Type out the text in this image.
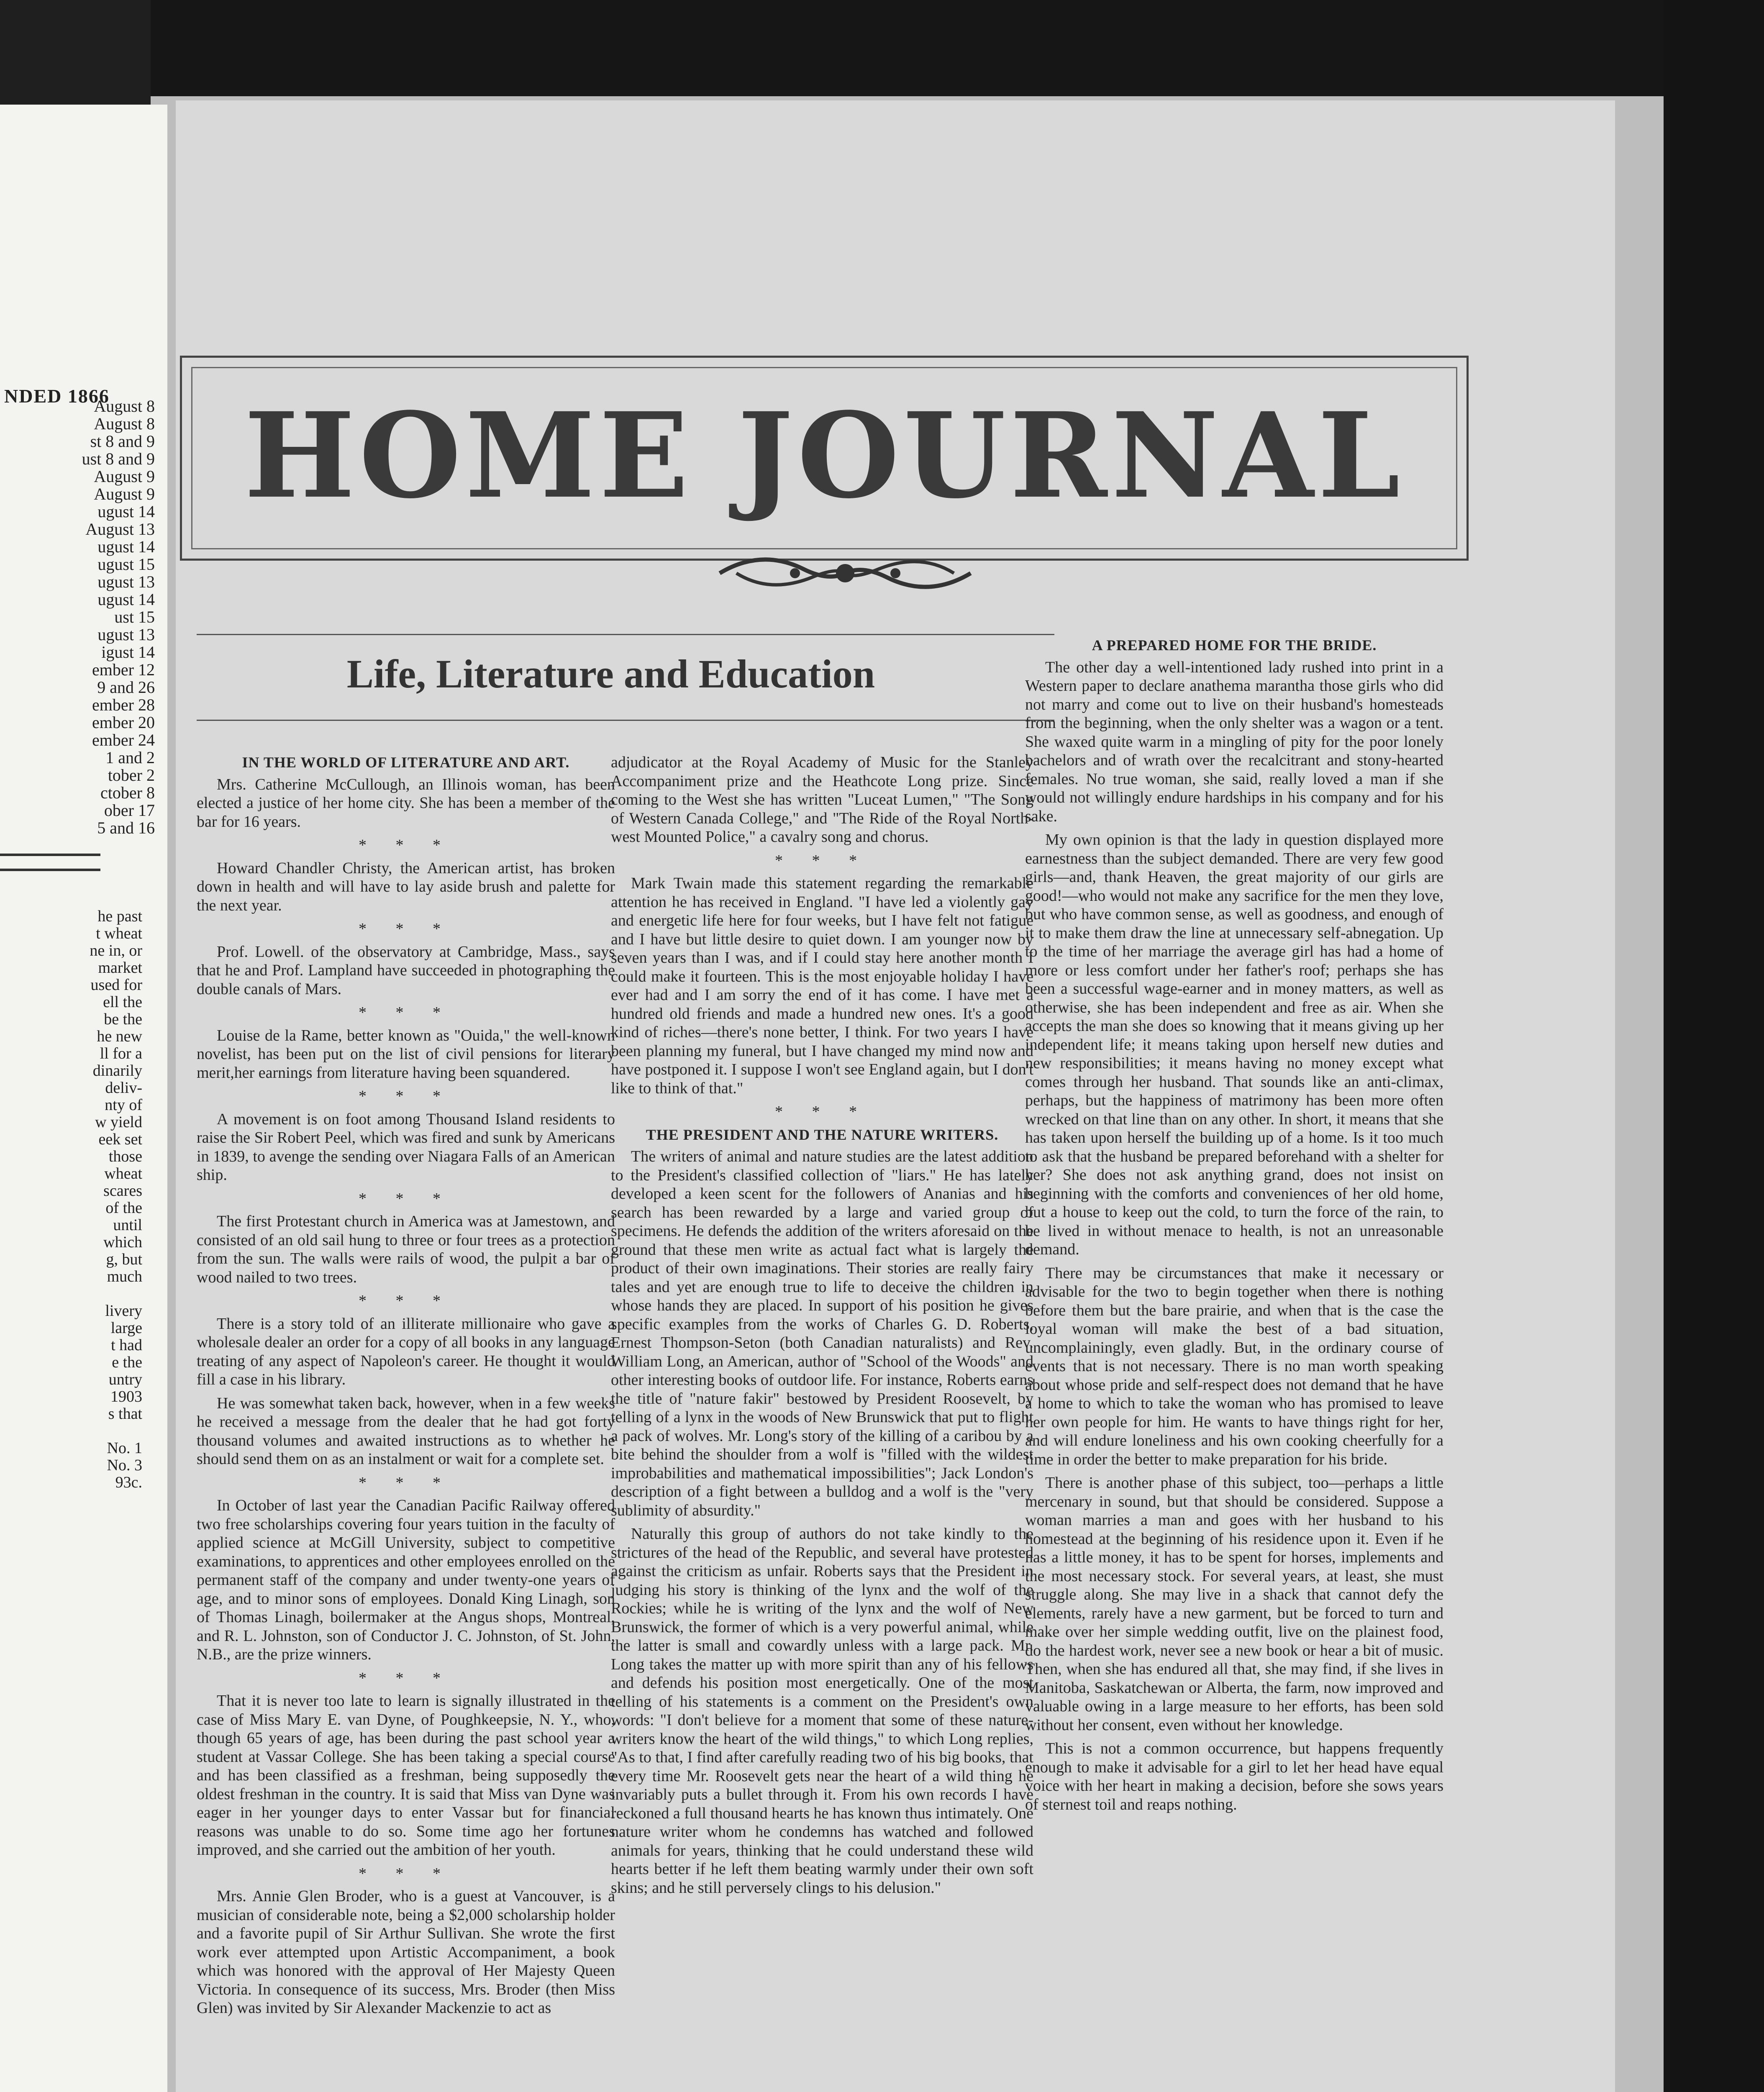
NDED 1866
August 8
August 8
st 8 and 9
ust 8 and 9
August 9
August 9
ugust 14
August 13
ugust 14
ugust 15
ugust 13
ugust 14
ust 15
ugust 13
igust 14
ember 12
9 and 26
ember 28
ember 20
ember 24
1 and 2
tober 2
ctober 8
ober 17
5 and 16
he past
t wheat
ne in, or
market
used for
ell the
be the
he new
ll for a
dinarily
deliv-
nty of
w yield
eek set
those
wheat
scares
of the
until
which
g, but
much
livery
large
t had
e the
untry
1903
s that
No. 1
No. 3
93c.
HOME JOURNAL
Life, Literature and Education
IN THE WORLD OF LITERATURE AND ART.

Mrs. Catherine McCullough, an Illinois woman, has been elected a justice of her home city. She has been a member of the bar for 16 years.

* * *

Howard Chandler Christy, the American artist, has broken down in health and will have to lay aside brush and palette for the next year.

* * *

Prof. Lowell. of the observatory at Cambridge, Mass., says that he and Prof. Lampland have succeeded in photographing the double canals of Mars.

* * *

Louise de la Rame, better known as "Ouida," the well-known novelist, has been put on the list of civil pensions for literary merit,her earnings from literature having been squandered.

* * *

A movement is on foot among Thousand Island residents to raise the Sir Robert Peel, which was fired and sunk by Americans in 1839, to avenge the sending over Niagara Falls of an American ship.

* * *

The first Protestant church in America was at Jamestown, and consisted of an old sail hung to three or four trees as a protection from the sun. The walls were rails of wood, the pulpit a bar of wood nailed to two trees.

* * *

There is a story told of an illiterate millionaire who gave a wholesale dealer an order for a copy of all books in any language treating of any aspect of Napoleon's career. He thought it would fill a case in his library.

He was somewhat taken back, however, when in a few weeks he received a message from the dealer that he had got forty thousand volumes and awaited instructions as to whether he should send them on as an instalment or wait for a complete set.

* * *

In October of last year the Canadian Pacific Railway offered two free scholarships covering four years tuition in the faculty of applied science at McGill University, subject to competitive examinations, to apprentices and other employees enrolled on the permanent staff of the company and under twenty-one years of age, and to minor sons of employees. Donald King Linagh, son of Thomas Linagh, boilermaker at the Angus shops, Montreal, and R. L. Johnston, son of Conductor J. C. Johnston, of St. John, N.B., are the prize winners.

* * *

That it is never too late to learn is signally illustrated in the case of Miss Mary E. van Dyne, of Poughkeepsie, N. Y., who, though 65 years of age, has been during the past school year a student at Vassar College. She has been taking a special course and has been classified as a freshman, being supposedly the oldest freshman in the country. It is said that Miss van Dyne was eager in her younger days to enter Vassar but for financial reasons was unable to do so. Some time ago her fortunes improved, and she carried out the ambition of her youth.

* * *

Mrs. Annie Glen Broder, who is a guest at Vancouver, is a musician of considerable note, being a $2,000 scholarship holder and a favorite pupil of Sir Arthur Sullivan. She wrote the first work ever attempted upon Artistic Accompaniment, a book which was honored with the approval of Her Majesty Queen Victoria. In consequence of its success, Mrs. Broder (then Miss Glen) was invited by Sir Alexander Mackenzie to act as

adjudicator at the Royal Academy of Music for the Stanley Accompaniment prize and the Heathcote Long prize. Since coming to the West she has written "Luceat Lumen," "The Song of Western Canada College," and "The Ride of the Royal North-west Mounted Police," a cavalry song and chorus.

* * *

Mark Twain made this statement regarding the remarkable attention he has received in England. "I have led a violently gay and energetic life here for four weeks, but I have felt not fatigue and I have but little desire to quiet down. I am younger now by seven years than I was, and if I could stay here another month I could make it fourteen. This is the most enjoyable holiday I have ever had and I am sorry the end of it has come. I have met a hundred old friends and made a hundred new ones. It's a good kind of riches—there's none better, I think. For two years I have been planning my funeral, but I have changed my mind now and have postponed it. I suppose I won't see England again, but I don't like to think of that."

* * *
THE PRESIDENT AND THE NATURE WRITERS.

The writers of animal and nature studies are the latest addition to the President's classified collection of "liars." He has lately developed a keen scent for the followers of Ananias and his search has been rewarded by a large and varied group of specimens. He defends the addition of the writers aforesaid on the ground that these men write as actual fact what is largely the product of their own imaginations. Their stories are really fairy tales and yet are enough true to life to deceive the children in whose hands they are placed. In support of his position he gives specific examples from the works of Charles G. D. Roberts, Ernest Thompson-Seton (both Canadian naturalists) and Rev. William Long, an American, author of "School of the Woods" and other interesting books of outdoor life. For instance, Roberts earns the title of "nature fakir" bestowed by President Roosevelt, by telling of a lynx in the woods of New Brunswick that put to flight a pack of wolves. Mr. Long's story of the killing of a caribou by a bite behind the shoulder from a wolf is "filled with the wildest improbabilities and mathematical impossibilities"; Jack London's description of a fight between a bulldog and a wolf is the "very sublimity of absurdity."

Naturally this group of authors do not take kindly to the strictures of the head of the Republic, and several have protested against the criticism as unfair. Roberts says that the President in judging his story is thinking of the lynx and the wolf of the Rockies; while he is writing of the lynx and the wolf of New Brunswick, the former of which is a very powerful animal, while the latter is small and cowardly unless with a large pack. Mr. Long takes the matter up with more spirit than any of his fellows and defends his position most energetically. One of the most telling of his statements is a comment on the President's own words: "I don't believe for a moment that some of these nature-writers know the heart of the wild things," to which Long replies, "As to that, I find after carefully reading two of his big books, that every time Mr. Roosevelt gets near the heart of a wild thing he invariably puts a bullet through it. From his own records I have reckoned a full thousand hearts he has known thus intimately. One nature writer whom he condemns has watched and followed animals for years, thinking that he could understand these wild hearts better if he left them beating warmly under their own soft skins; and he still perversely clings to his delusion."

A PREPARED HOME FOR THE BRIDE.

The other day a well-intentioned lady rushed into print in a Western paper to declare anathema marantha those girls who did not marry and come out to live on their husband's homesteads from the beginning, when the only shelter was a wagon or a tent. She waxed quite warm in a mingling of pity for the poor lonely bachelors and of wrath over the recalcitrant and stony-hearted females. No true woman, she said, really loved a man if she would not willingly endure hardships in his company and for his sake.

My own opinion is that the lady in question displayed more earnestness than the subject demanded. There are very few good girls—and, thank Heaven, the great majority of our girls are good!—who would not make any sacrifice for the men they love, but who have common sense, as well as goodness, and enough of it to make them draw the line at unnecessary self-abnegation. Up to the time of her marriage the average girl has had a home of more or less comfort under her father's roof; perhaps she has been a successful wage-earner and in money matters, as well as otherwise, she has been independent and free as air. When she accepts the man she does so knowing that it means giving up her independent life; it means taking upon herself new duties and new responsibilities; it means having no money except what comes through her husband. That sounds like an anti-climax, perhaps, but the happiness of matrimony has been more often wrecked on that line than on any other. In short, it means that she has taken upon herself the building up of a home. Is it too much to ask that the husband be prepared beforehand with a shelter for her? She does not ask anything grand, does not insist on beginning with the comforts and conveniences of her old home, but a house to keep out the cold, to turn the force of the rain, to be lived in without menace to health, is not an unreasonable demand.

There may be circumstances that make it necessary or advisable for the two to begin together when there is nothing before them but the bare prairie, and when that is the case the loyal woman will make the best of a bad situation, uncomplainingly, even gladly. But, in the ordinary course of events that is not necessary. There is no man worth speaking about whose pride and self-respect does not demand that he have a home to which to take the woman who has promised to leave her own people for him. He wants to have things right for her, and will endure loneliness and his own cooking cheerfully for a time in order the better to make preparation for his bride.

There is another phase of this subject, too—perhaps a little mercenary in sound, but that should be considered. Suppose a woman marries a man and goes with her husband to his homestead at the beginning of his residence upon it. Even if he has a little money, it has to be spent for horses, implements and the most necessary stock. For several years, at least, she must struggle along. She may live in a shack that cannot defy the elements, rarely have a new garment, but be forced to turn and make over her simple wedding outfit, live on the plainest food, do the hardest work, never see a new book or hear a bit of music. Then, when she has endured all that, she may find, if she lives in Manitoba, Saskatchewan or Alberta, the farm, now improved and valuable owing in a large measure to her efforts, has been sold without her consent, even without her knowledge.

This is not a common occurrence, but happens frequently enough to make it advisable for a girl to let her head have equal voice with her heart in making a decision, before she sows years of sternest toil and reaps nothing.
